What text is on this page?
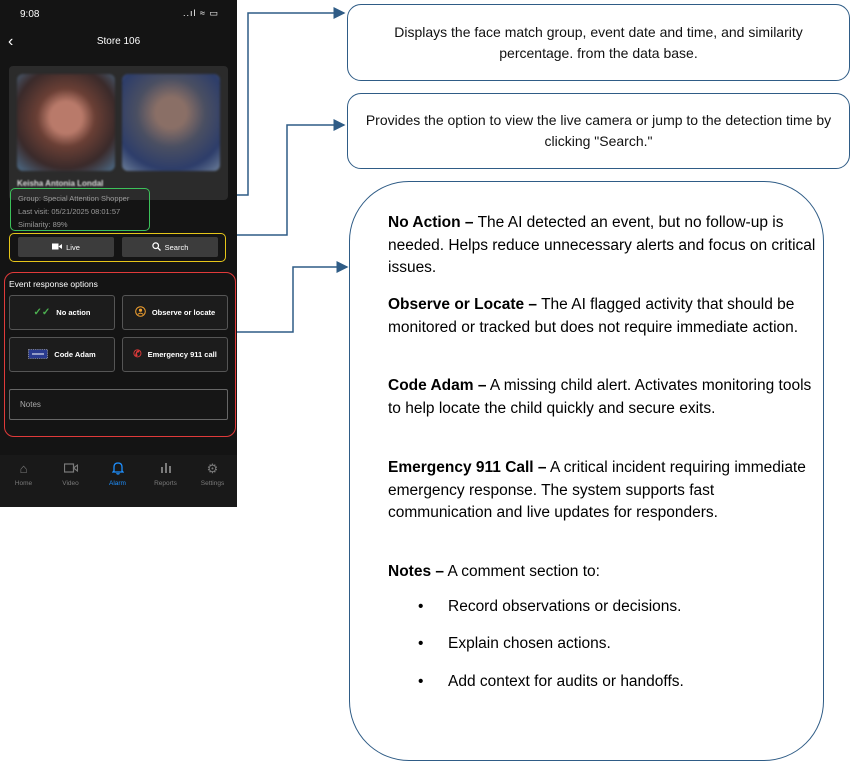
9:08	..ıl ≈ ▭
‹	Store 106
Keisha Antonia Londal
Group: Special Attention Shopper
Last visit: 05/21/2025 08:01:57
Similarity: 89%
Live	Search
Event response options
✓✓ No action	Observe or locate
Code Adam	✆ Emergency 911 call
Notes
⌂
Home	Video	Alarm	Reports
⚙
Settings
Displays the face match group, event date and time, and similarity percentage. from the data base.
Provides the option to view the live camera or jump to the detection time by clicking "Search."
No Action – The AI detected an event, but no follow-up is needed. Helps reduce unnecessary alerts and focus on critical issues.
Observe or Locate – The AI flagged activity that should be monitored or tracked but does not require immediate action.
Code Adam – A missing child alert. Activates monitoring tools to help locate the child quickly and secure exits.
Emergency 911 Call – A critical incident requiring immediate emergency response. The system supports fast communication and live updates for responders.
Notes – A comment section to:
• Record observations or decisions.
• Explain chosen actions.
• Add context for audits or handoffs.
